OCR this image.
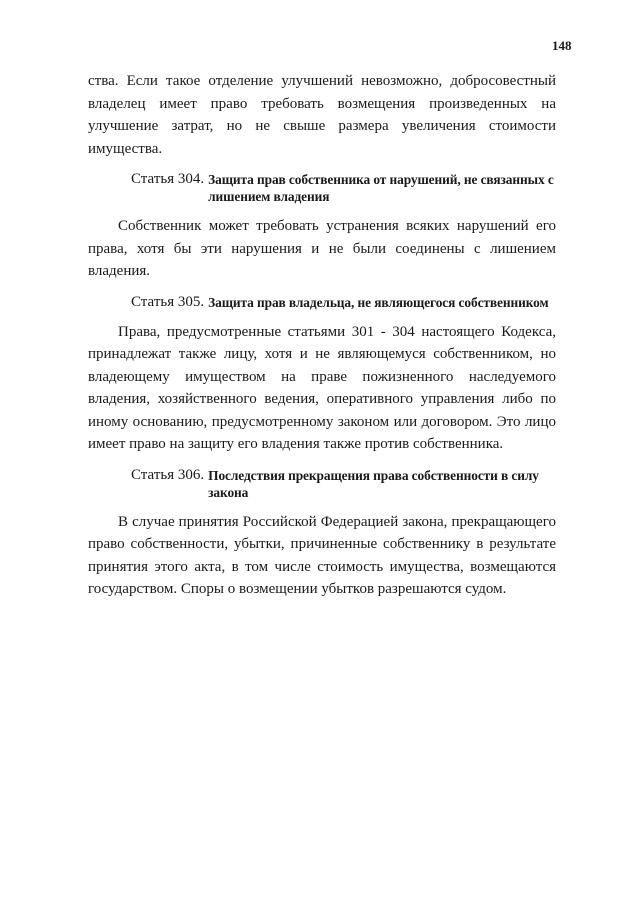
148

ства. Если такое отделение улучшений невозможно, добросовестный владелец имеет право требовать возмещения произведенных на улучшение затрат, но не свыше размера увеличения стоимости имущества.

Статья 304. Защита прав собственника от нарушений, не связанных с лишением владения

Собственник может требовать устранения всяких нарушений его права, хотя бы эти нарушения и не были соединены с лишением владения.

Статья 305. Защита прав владельца, не являющегося собственником

Права, предусмотренные статьями 301 - 304 настоящего Кодекса, принадлежат также лицу, хотя и не являющемуся собственником, но владеющему имуществом на праве пожизненного наследуемого владения, хозяйственного ведения, оперативного управления либо по иному основанию, предусмотренному законом или договором. Это лицо имеет право на защиту его владения также против собственника.

Статья 306. Последствия прекращения права собственности в силу закона

В случае принятия Российской Федерацией закона, прекращающего право собственности, убытки, причиненные собственнику в результате принятия этого акта, в том числе стоимость имущества, возмещаются государством. Споры о возмещении убытков разрешаются судом.
